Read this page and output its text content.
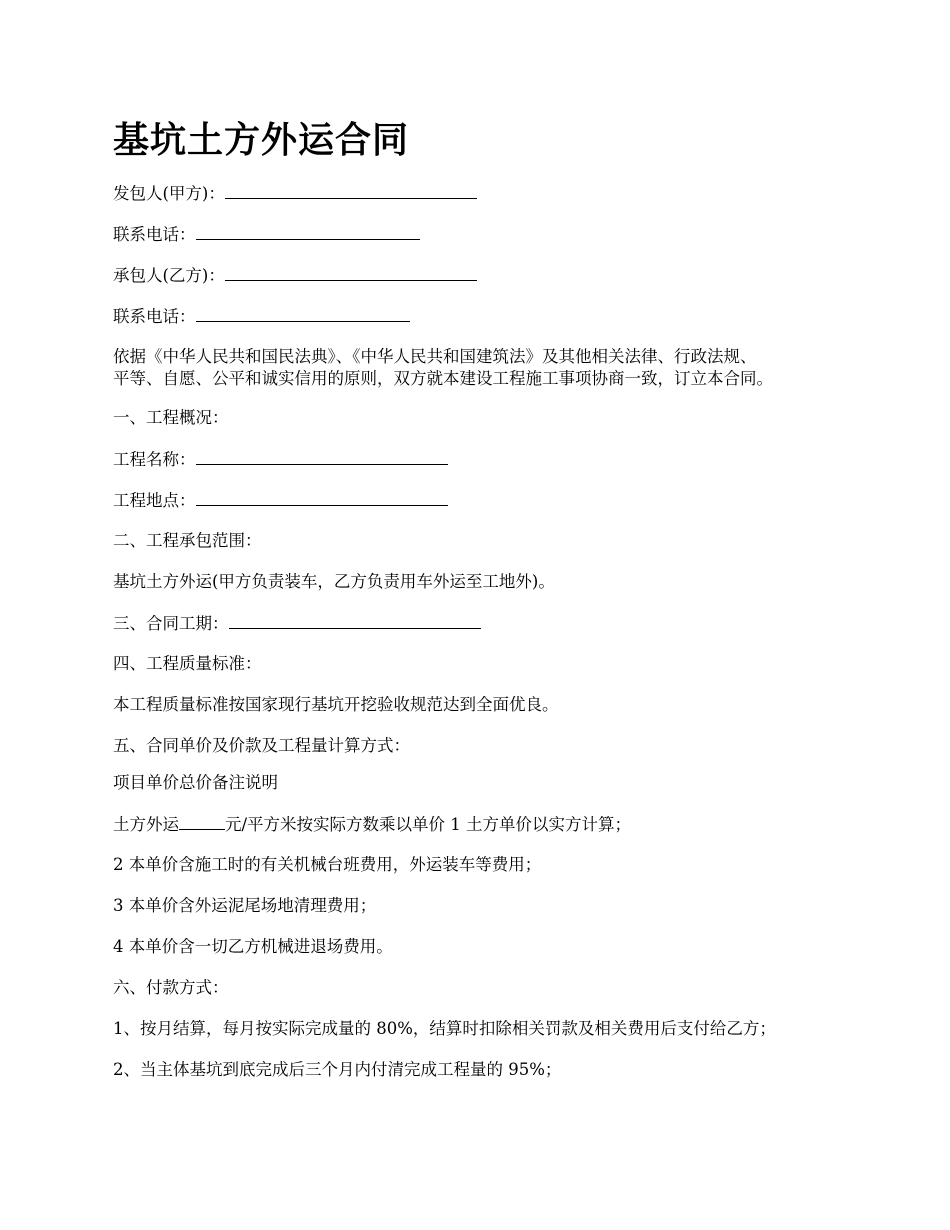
基坑土方外运合同
发包人(甲方)：
联系电话：
承包人(乙方)：
联系电话：
依据《中华人民共和国民法典》、《中华人民共和国建筑法》及其他相关法律、行政法规、
平等、自愿、公平和诚实信用的原则，双方就本建设工程施工事项协商一致，订立本合同。
一、工程概况：
工程名称：
工程地点：
二、工程承包范围：
基坑土方外运(甲方负责装车，乙方负责用车外运至工地外)。
三、合同工期：
四、工程质量标准：
本工程质量标准按国家现行基坑开挖验收规范达到全面优良。
五、合同单价及价款及工程量计算方式：
项目单价总价备注说明
土方外运	元/平方米按实际方数乘以单价 1 土方单价以实方计算；
2 本单价含施工时的有关机械台班费用，外运装车等费用；
3 本单价含外运泥尾场地清理费用；
4 本单价含一切乙方机械进退场费用。
六、付款方式：
1、按月结算，每月按实际完成量的 80%，结算时扣除相关罚款及相关费用后支付给乙方；
2、当主体基坑到底完成后三个月内付清完成工程量的 95%；
